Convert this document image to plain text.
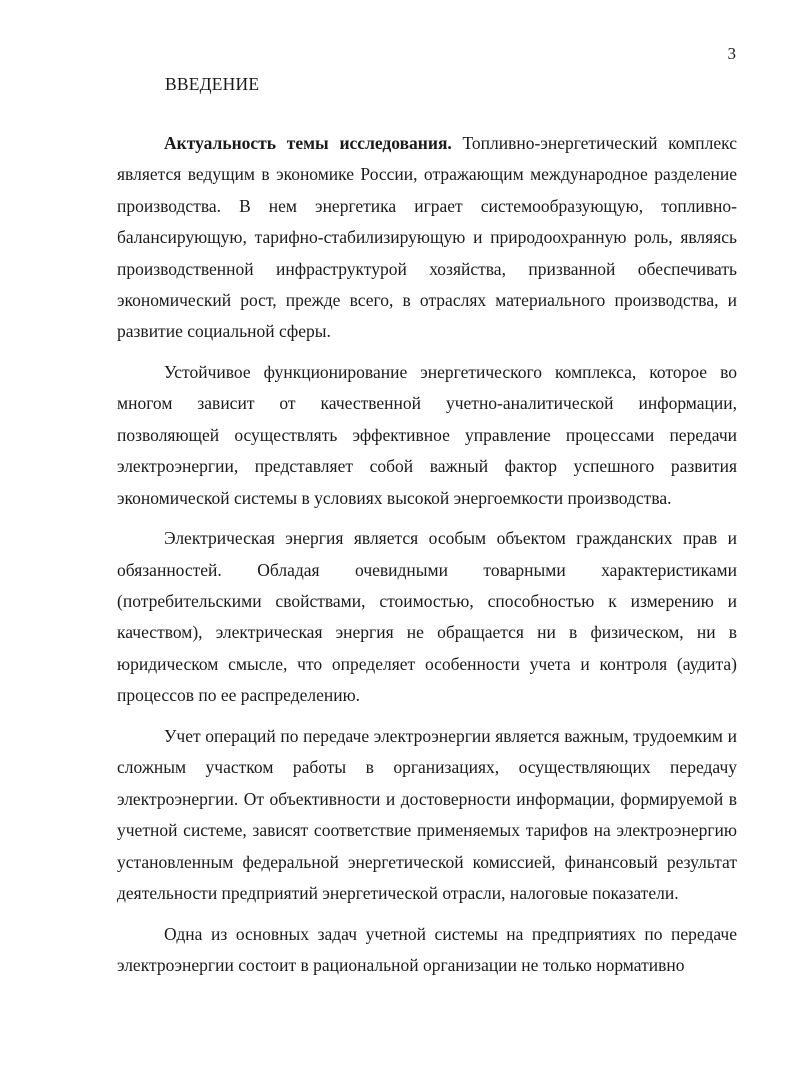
3
ВВЕДЕНИЕ

Актуальность темы исследования. Топливно-энергетический комплекс является ведущим в экономике России, отражающим международное разделение производства. В нем энергетика играет системообразующую, топливно-балансирующую, тарифно-стабилизирующую и природоохранную роль, являясь производственной инфраструктурой хозяйства, призванной обеспечивать экономический рост, прежде всего, в отраслях материального производства, и развитие социальной сферы.

Устойчивое функционирование энергетического комплекса, которое во многом зависит от качественной учетно-аналитической информации, позволяющей осуществлять эффективное управление процессами передачи электроэнергии, представляет собой важный фактор успешного развития экономической системы в условиях высокой энергоемкости производства.

Электрическая энергия является особым объектом гражданских прав и обязанностей. Обладая очевидными товарными характеристиками (потребительскими свойствами, стоимостью, способностью к измерению и качеством), электрическая энергия не обращается ни в физическом, ни в юридическом смысле, что определяет особенности учета и контроля (аудита) процессов по ее распределению.

Учет операций по передаче электроэнергии является важным, трудоемким и сложным участком работы в организациях, осуществляющих передачу электроэнергии. От объективности и достоверности информации, формируемой в учетной системе, зависят соответствие применяемых тарифов на электроэнергию установленным федеральной энергетической комиссией, финансовый результат деятельности предприятий энергетической отрасли, налоговые показатели.

Одна из основных задач учетной системы на предприятиях по передаче электроэнергии состоит в рациональной организации не только нормативно
